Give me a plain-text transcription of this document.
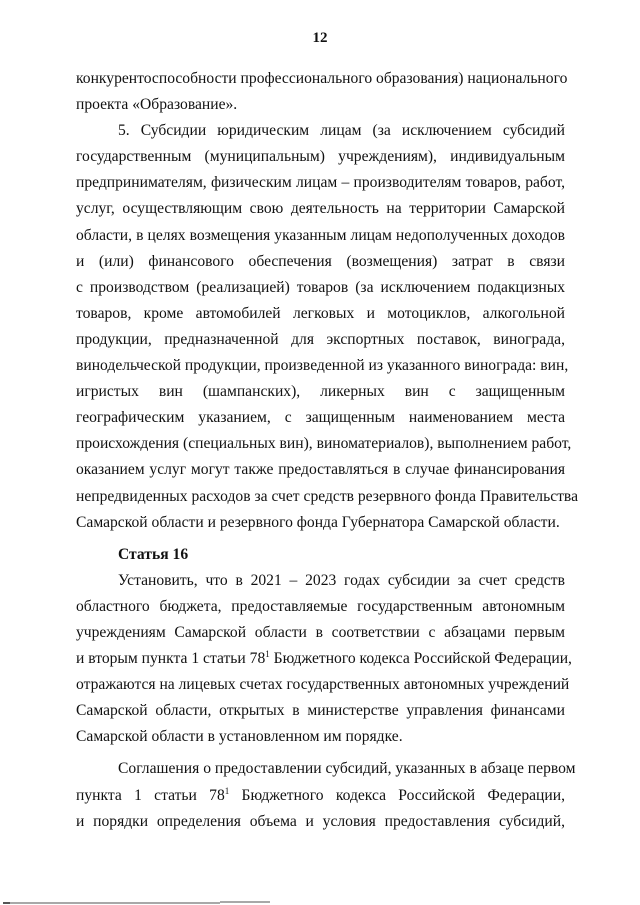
12

конкурентоспособности профессионального образования) национального
проекта «Образование».

5. Субсидии юридическим лицам (за исключением субсидий
государственным (муниципальным) учреждениям), индивидуальным
предпринимателям, физическим лицам – производителям товаров, работ,
услуг, осуществляющим свою деятельность на территории Самарской
области, в целях возмещения указанным лицам недополученных доходов
и (или) финансового обеспечения (возмещения) затрат в связи
с производством (реализацией) товаров (за исключением подакцизных
товаров, кроме автомобилей легковых и мотоциклов, алкогольной
продукции, предназначенной для экспортных поставок, винограда,
винодельческой продукции, произведенной из указанного винограда: вин,
игристых вин (шампанских), ликерных вин с защищенным
географическим указанием, с защищенным наименованием места
происхождения (специальных вин), виноматериалов), выполнением работ,
оказанием услуг могут также предоставляться в случае финансирования
непредвиденных расходов за счет средств резервного фонда Правительства
Самарской области и резервного фонда Губернатора Самарской области.

Статья 16

Установить, что в 2021 – 2023 годах субсидии за счет средств
областного бюджета, предоставляемые государственным автономным
учреждениям Самарской области в соответствии с абзацами первым
и вторым пункта 1 статьи $78^1$ Бюджетного кодекса Российской Федерации,
отражаются на лицевых счетах государственных автономных учреждений
Самарской области, открытых в министерстве управления финансами
Самарской области в установленном им порядке.

Соглашения о предоставлении субсидий, указанных в абзаце первом
пункта 1 статьи $78^1$ Бюджетного кодекса Российской Федерации,
и порядки определения объема и условия предоставления субсидий,
